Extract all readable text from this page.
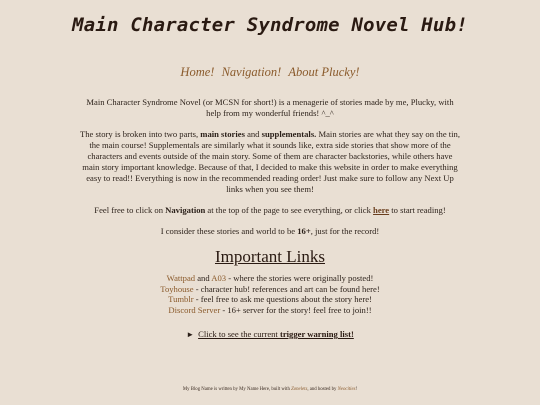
Main Character Syndrome Novel Hub!
Home! Navigation! About Plucky!

Main Character Syndrome Novel (or MCSN for short!) is a menagerie of stories made by me, Plucky, with help from my wonderful friends! ^_^

The story is broken into two parts, main stories and supplementals. Main stories are what they say on the tin, the main course! Supplementals are similarly what it sounds like, extra side stories that show more of the characters and events outside of the main story. Some of them are character backstories, while others have main story important knowledge. Because of that, I decided to make this website in order to make everything easy to read!! Everything is now in the recommended reading order! Just make sure to follow any Next Up links when you see them!

Feel free to click on Navigation at the top of the page to see everything, or click here to start reading!

I consider these stories and world to be 16+, just for the record!

Important Links
Wattpad and A03 - where the stories were originally posted!
Toyhouse - character hub! references and art can be found here!
Tumblr - feel free to ask me questions about the story here!
Discord Server - 16+ server for the story! feel free to join!!
► Click to see the current trigger warning list!
My Blog Name is written by My Name Here, built with Zonelets, and hosted by Neocities!
